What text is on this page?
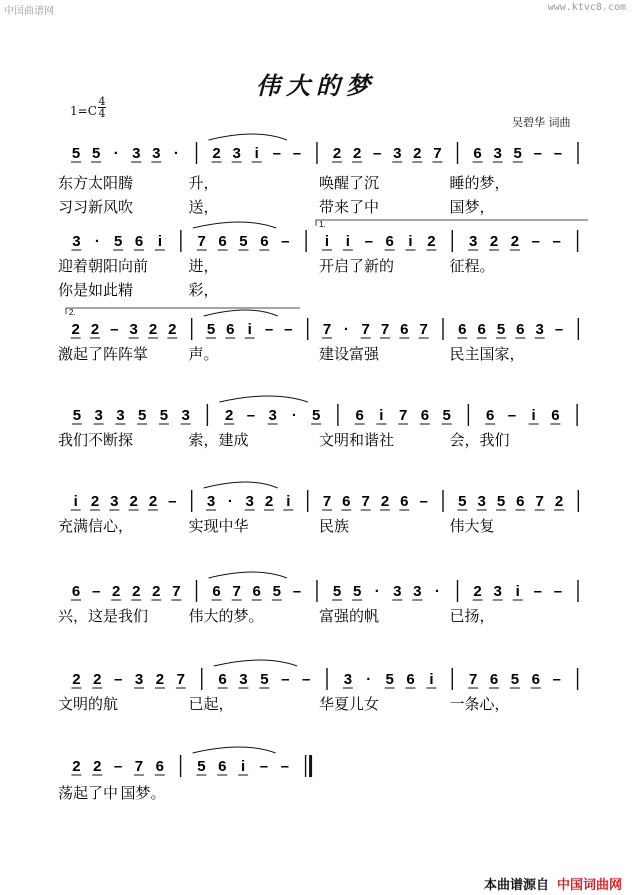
中国曲谱网	www.ktvc8.com
伟大的梦
1=C
4
4
吴碧华 词曲
本曲谱源自 中国词曲网
5 5 · 3 3 · 2 3 i – – 2 2 – 3 2 7 6 3 5 – –
东方太阳腾	升，	唤醒了沉	睡的梦，
习习新风吹	送，	带来了中	国梦，
3 · 5 6 i 7 6 5 6 – i i – 6 i 2 3 2 2 – –
迎着朝阳向前	进，	开启了新的	征程。
你是如此精	彩，
2 2 – 3 2 2 5 6 i – – 7 · 7 7 6 7 6 6 5 6 3 –
激起了阵阵掌	声。	建设富强	民主国家，
5 3 3 5 5 3 2 – 3 · 5 6 i 7 6 5 6 – i 6
我们不断探	索，建成	文明和谐社	会，我们
i 2 3 2 2 – 3 · 3 2 i 7 6 7 2 6 – 5 3 5 6 7 2
充满信心，	实现中华	民族	伟大复
6 – 2 2 2 7 6 7 6 5 – 5 5 · 3 3 · 2 3 i – –
兴，这是我们	伟大的梦。	富强的帆	已扬，
2 2 – 3 2 7 6 3 5 – – 3 · 5 6 i 7 6 5 6 –
文明的航	已起，	华夏儿女	一条心，
2 2 – 7 6 5 6 i – –
荡起了中 国梦。
1.
2.
